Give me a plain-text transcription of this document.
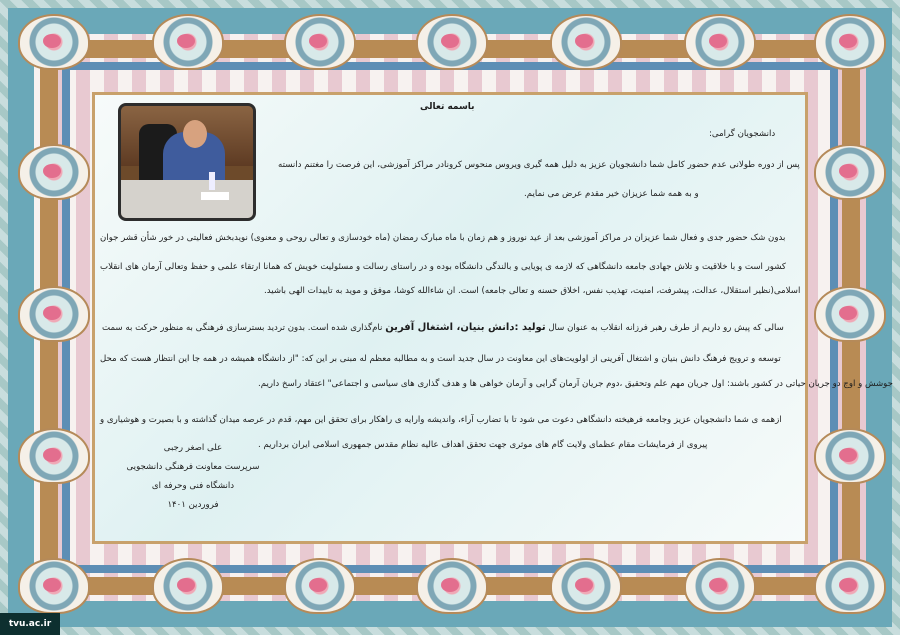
باسمه تعالی
دانشجویان گرامی:
پس از دوره طولانی عدم حضور کامل شما دانشجویان عزیز به دلیل همه گیری ویروس منحوس کرونادر مراکز آموزشی، این فرصت را مغتنم دانسته
و به همه شما عزیزان خیر مقدم عرض می نمایم.
بدون شک حضور جدی و فعال شما عزیزان در مراکز آموزشی بعد از عید نوروز و هم زمان با ماه مبارک رمضان (ماه خودسازی و تعالی روحی و معنوی) نویدبخش فعالیتی در خور شأن قشر جوان
کشور است و با خلاقیت و تلاش جهادی جامعه دانشگاهی که لازمه ی پویایی و بالندگی دانشگاه بوده و در راستای رسالت و مسئولیت خویش که همانا ارتقاء علمی و حفظ وتعالی آرمان های انقلاب
اسلامی(نظیر استقلال، عدالت، پیشرفت، امنیت، تهذیب نفس، اخلاق حسنه و تعالی جامعه) است. ان شاءالله کوشا، موفق و موید به تاییدات الهی باشید.
سالی که پیش رو داریم از طرف رهبر فرزانه انقلاب به عنوان سال تولید :دانش بنیان، اشتغال آفرین نام‌گذاری شده است. بدون تردید بسترسازی فرهنگی به منظور حرکت به سمت
توسعه و ترویج فرهنگ دانش بنیان و اشتغال آفرینی از اولویت‌های این معاونت در سال جدید است و به مطالبه معظم له مبنی بر این که: "از دانشگاه همیشه در همه جا این انتظار هست که محل
جوشش و اوج دو جریان حیاتی در کشور باشند: اول جریان مهم علم وتحقیق ،دوم جریان آرمان گرایی و آرمان خواهی ها و هدف گذاری های سیاسی و اجتماعی" اعتقاد راسخ داریم.
ازهمه ی شما دانشجویان عزیز وجامعه فرهیخته دانشگاهی دعوت می شود تا با تضارب آراء، واندیشه وارایه ی راهکار برای تحقق این مهم، قدم در عرصه میدان گذاشته و با بصیرت و هوشیاری و
پیروی از فرمایشات مقام عظمای ولایت گام های موثری جهت تحقق اهداف عالیه نظام مقدس جمهوری اسلامی ایران برداریم .
علی اصغر رجبی
سرپرست معاونت فرهنگی دانشجویی
دانشگاه فنی وحرفه ای
فروردین ۱۴۰۱
tvu.ac.ir
